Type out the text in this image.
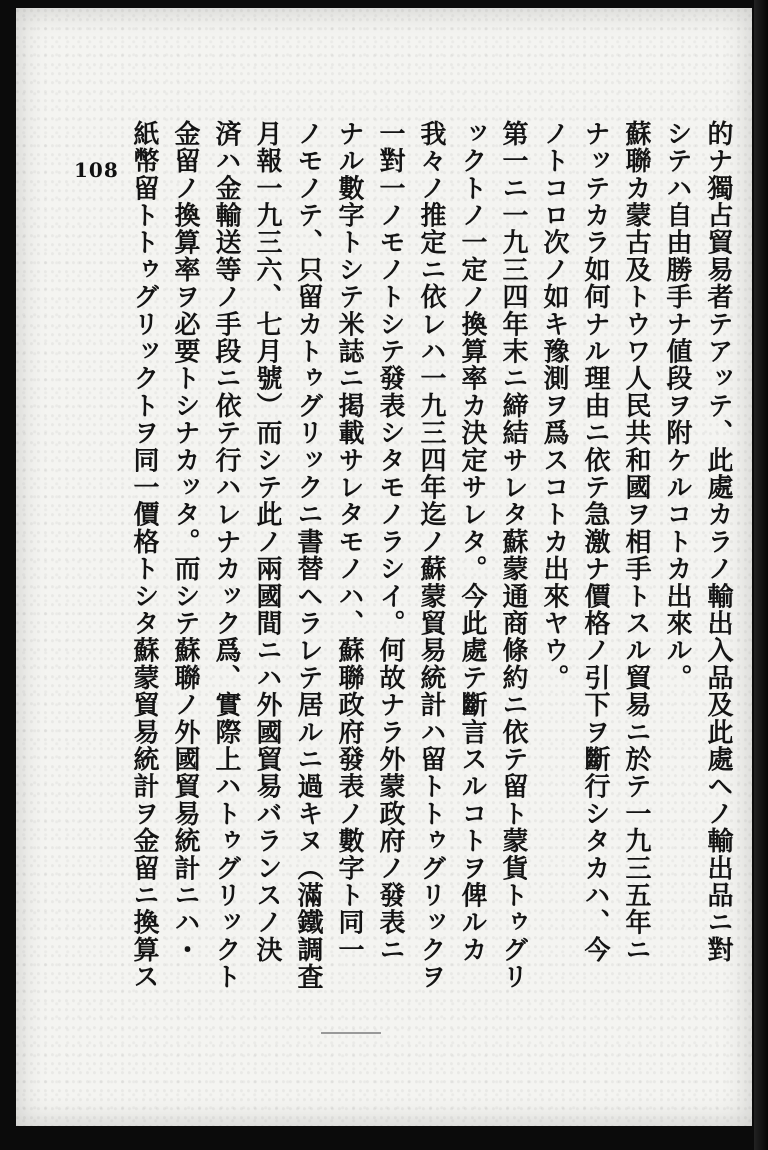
108	的ナ獨占貿易者テアッテ、此處カラノ輸出入品及此處ヘノ輸出品ニ對
シテハ自由勝手ナ値段ヲ附ケルコトカ出來ル。
蘇聯カ蒙古及トウワ人民共和國ヲ相手トスル貿易ニ於テ一九三五年ニ
ナッテカラ如何ナル理由ニ依テ急激ナ價格ノ引下ヲ斷行シタカハ、今
ノトコロ次ノ如キ豫測ヲ爲スコトカ出來ヤウ。
第一ニ一九三四年末ニ締結サレタ蘇蒙通商條約ニ依テ留ト蒙貨トゥグリ
ックトノ一定ノ換算率カ決定サレタ。今此處テ斷言スルコトヲ俾ルカ
我々ノ推定ニ依レハ一九三四年迄ノ蘇蒙貿易統計ハ留トトゥグリックヲ
一對一ノモノトシテ發表シタモノラシイ。何故ナラ外蒙政府ノ發表ニ
ナル數字トシテ米誌ニ掲載サレタモノハ、蘇聯政府發表ノ數字ト同一
ノモノテ、只留カトゥグリックニ書替ヘラレテ居ルニ過キヌ（滿鐵調査
月報一九三六、七月號）而シテ此ノ兩國間ニハ外國貿易バランスノ決
済ハ金輸送等ノ手段ニ依テ行ハレナカック爲、實際上ハトゥグリックト
金留ノ換算率ヲ必要トシナカッタ。而シテ蘇聯ノ外國貿易統計ニハ・
紙幣留トトゥグリックトヲ同一價格トシタ蘇蒙貿易統計ヲ金留ニ換算ス
